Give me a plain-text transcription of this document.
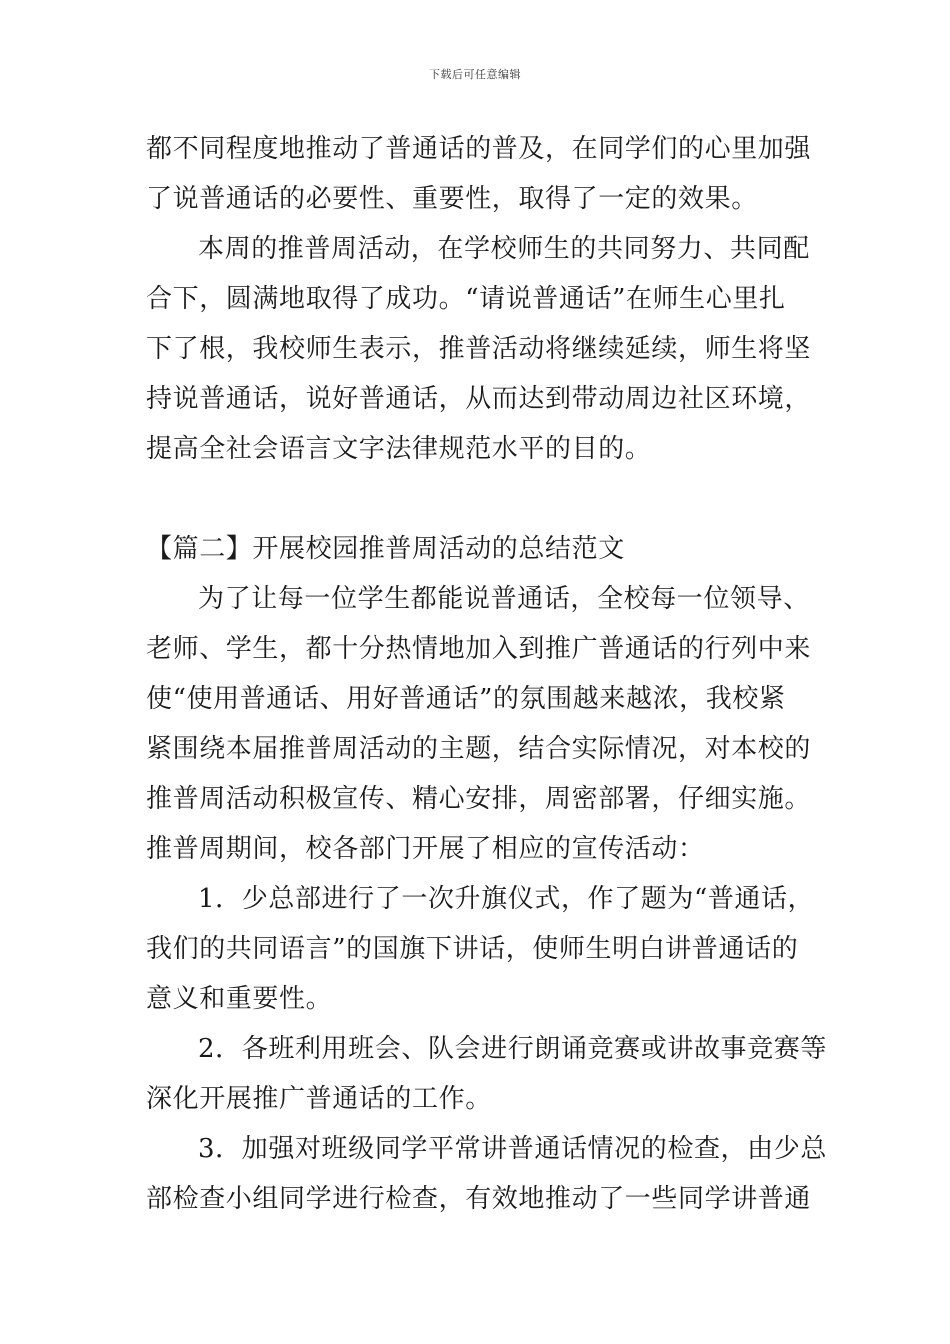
下载后可任意编辑
都不同程度地推动了普通话的普及，在同学们的心里加强
了说普通话的必要性、重要性，取得了一定的效果。
本周的推普周活动，在学校师生的共同努力、共同配
合下，圆满地取得了成功。“请说普通话”在师生心里扎
下了根，我校师生表示，推普活动将继续延续，师生将坚
持说普通话，说好普通话，从而达到带动周边社区环境，
提高全社会语言文字法律规范水平的目的。
【篇二】开展校园推普周活动的总结范文
为了让每一位学生都能说普通话，全校每一位领导、
老师、学生，都十分热情地加入到推广普通话的行列中来
使“使用普通话、用好普通话”的氛围越来越浓，我校紧
紧围绕本届推普周活动的主题，结合实际情况，对本校的
推普周活动积极宣传、精心安排，周密部署，仔细实施。
推普周期间，校各部门开展了相应的宣传活动：
1．少总部进行了一次升旗仪式，作了题为“普通话，
我们的共同语言”的国旗下讲话，使师生明白讲普通话的
意义和重要性。
2．各班利用班会、队会进行朗诵竞赛或讲故事竞赛等
深化开展推广普通话的工作。
3．加强对班级同学平常讲普通话情况的检查，由少总
部检查小组同学进行检查，有效地推动了一些同学讲普通
